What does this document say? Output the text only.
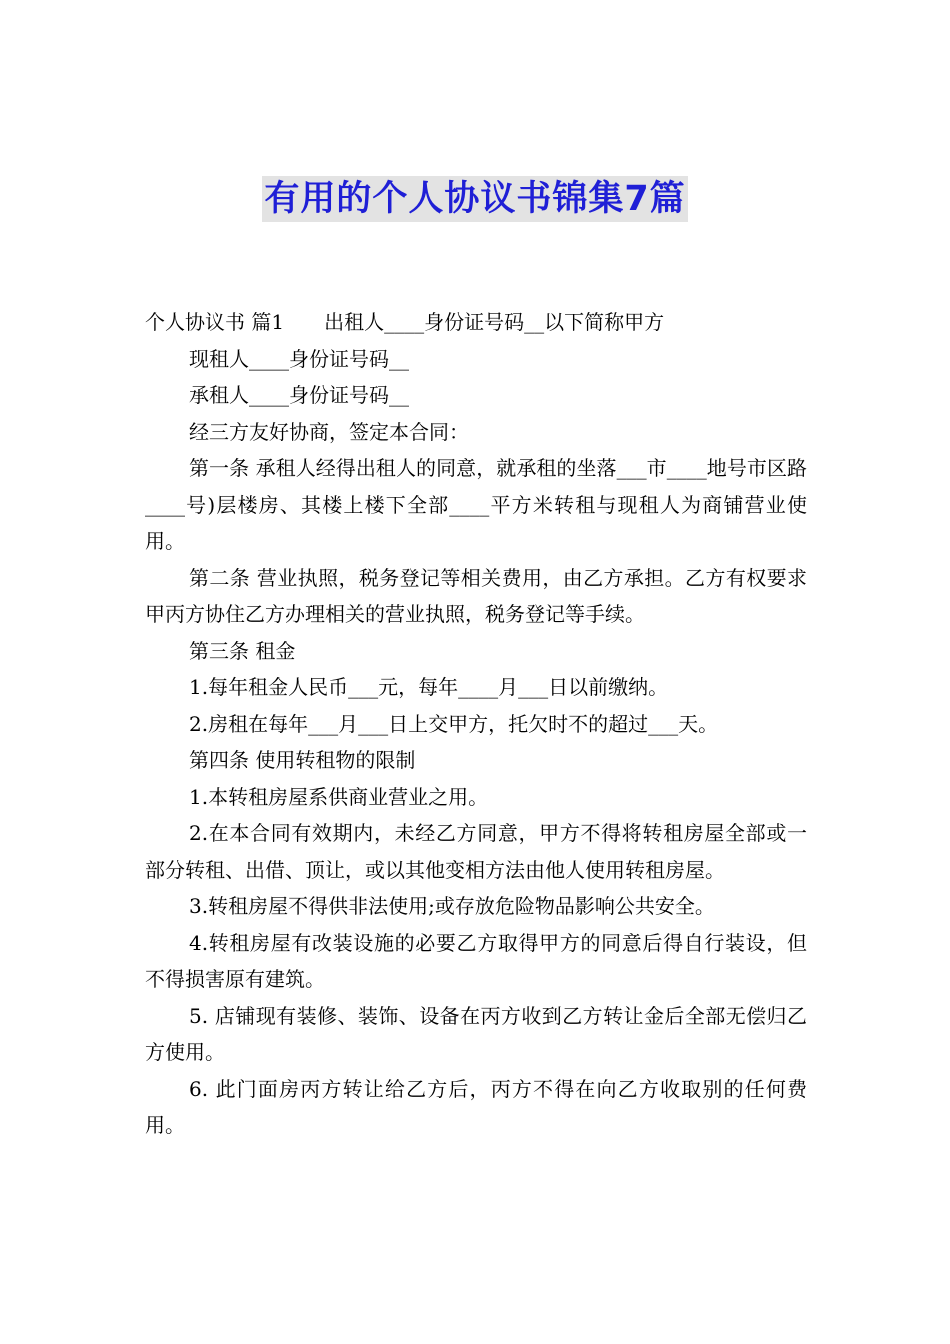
有用的个人协议书锦集7篇

个人协议书 篇1 出租人____身份证号码__以下简称甲方

现租人____身份证号码__

承租人____身份证号码__

经三方友好协商，签定本合同：

第一条 承租人经得出租人的同意，就承租的坐落___市____地号市区路____号)层楼房、其楼上楼下全部____平方米转租与现租人为商铺营业使用。

第二条 营业执照，税务登记等相关费用，由乙方承担。乙方有权要求甲丙方协住乙方办理相关的营业执照，税务登记等手续。

第三条 租金

1.每年租金人民币___元，每年____月___日以前缴纳。

2.房租在每年___月___日上交甲方，托欠时不的超过___天。

第四条 使用转租物的限制

1.本转租房屋系供商业营业之用。

2.在本合同有效期内，未经乙方同意，甲方不得将转租房屋全部或一部分转租、出借、顶让，或以其他变相方法由他人使用转租房屋。

3.转租房屋不得供非法使用;或存放危险物品影响公共安全。

4.转租房屋有改装设施的必要乙方取得甲方的同意后得自行装设，但不得损害原有建筑。

5. 店铺现有装修、装饰、设备在丙方收到乙方转让金后全部无偿归乙方使用。

6. 此门面房丙方转让给乙方后，丙方不得在向乙方收取别的任何费用。
